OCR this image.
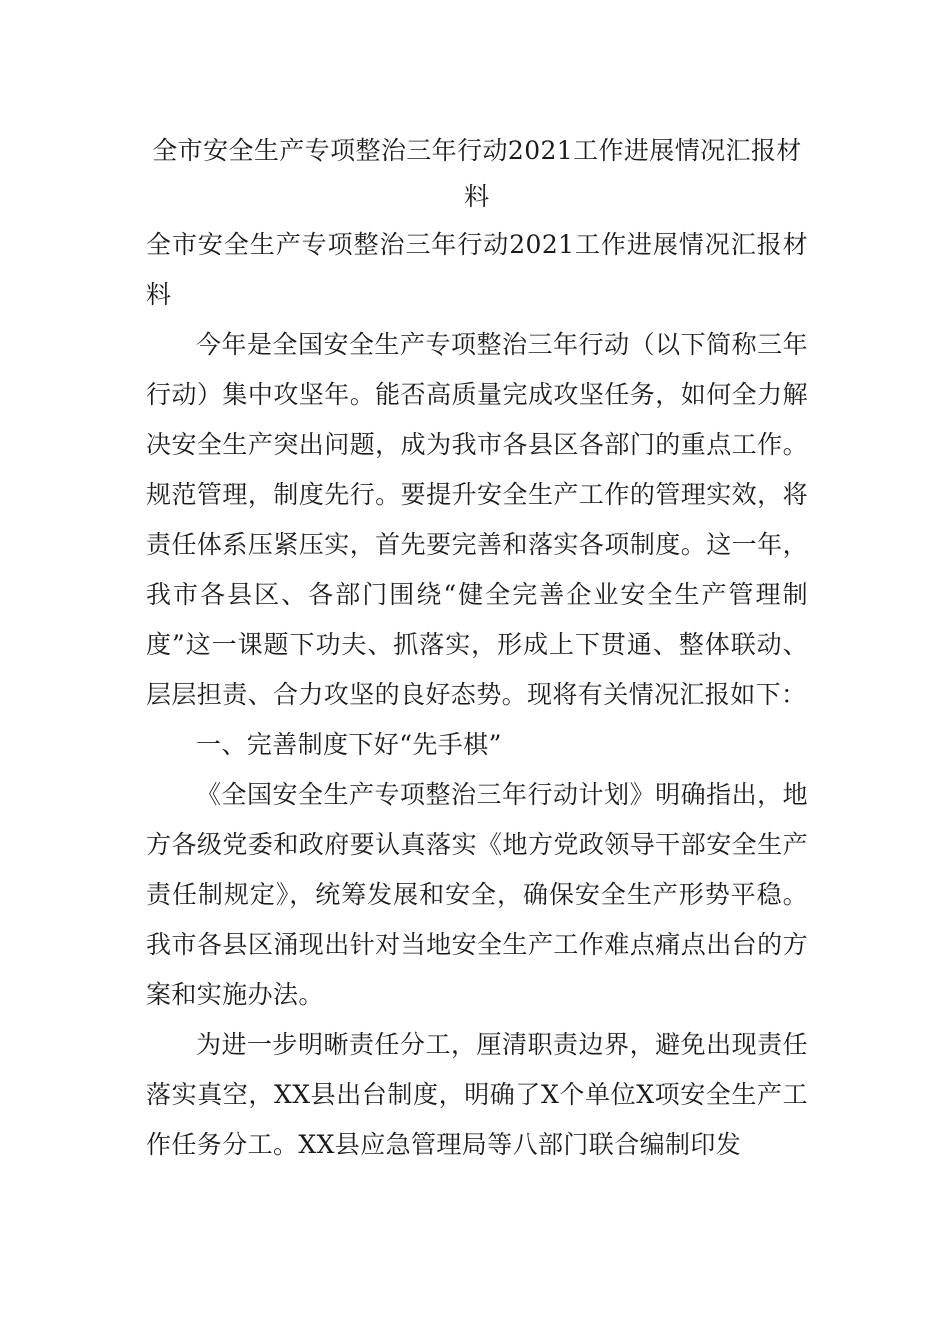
全市安全生产专项整治三年行动2021工作进展情况汇报材料

全市安全生产专项整治三年行动2021工作进展情况汇报材料

今年是全国安全生产专项整治三年行动（以下简称三年行动）集中攻坚年。能否高质量完成攻坚任务，如何全力解决安全生产突出问题，成为我市各县区各部门的重点工作。规范管理，制度先行。要提升安全生产工作的管理实效，将责任体系压紧压实，首先要完善和落实各项制度。这一年，我市各县区、各部门围绕“健全完善企业安全生产管理制度”这一课题下功夫、抓落实，形成上下贯通、整体联动、层层担责、合力攻坚的良好态势。现将有关情况汇报如下：

一、完善制度下好“先手棋”

《全国安全生产专项整治三年行动计划》明确指出，地方各级党委和政府要认真落实《地方党政领导干部安全生产责任制规定》，统筹发展和安全，确保安全生产形势平稳。我市各县区涌现出针对当地安全生产工作难点痛点出台的方案和实施办法。

为进一步明晰责任分工，厘清职责边界，避免出现责任落实真空，XX县出台制度，明确了X个单位X项安全生产工作任务分工。XX县应急管理局等八部门联合编制印发
